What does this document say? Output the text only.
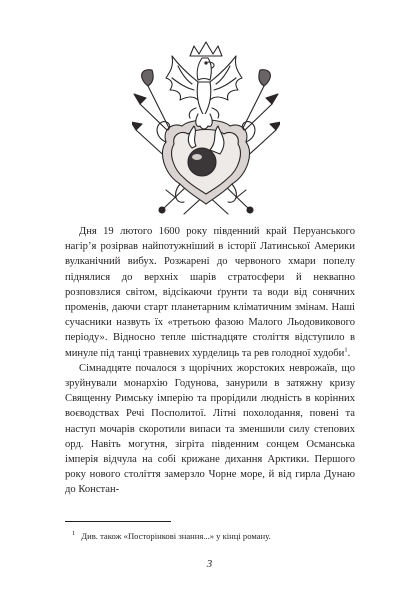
Дня 19 лютого 1600 року південний край Перуанського нагір’я розірвав найпотужніший в історії Латинської Америки вулканічний вибух. Розжарені до червоного хмари попелу піднялися до верхніх шарів стратосфери й неквапно розповзлися світом, відсікаючи ґрунти та води від сонячних променів, даючи старт планетарним кліматичним змінам. Наші сучасники назвуть їх «третьою фазою Малого Льодовикового періоду». Відносно тепле шістнадцяте століття відступило в минуле під танці травневих хурделиць та рев голодної худоби$^1$.

Сімнадцяте почалося з щорічних жорстоких неврожаїв, що зруйнували монархію Годунова, занурили в затяжну кризу Священну Римську імперію та прорідили людність в корінних воєводствах Речі Посполитої. Літні похолодання, повені та наступ мочарів скоротили випаси та зменшили силу степових орд. Навіть могутня, зігріта південним сонцем Османська імперія відчула на собі крижане дихання Арктики. Першого року нового століття замерзло Чорне море, й від гирла Дунаю до Констан-

$^1$ Див. також «Посторінкові знання...» у кінці роману.

3
